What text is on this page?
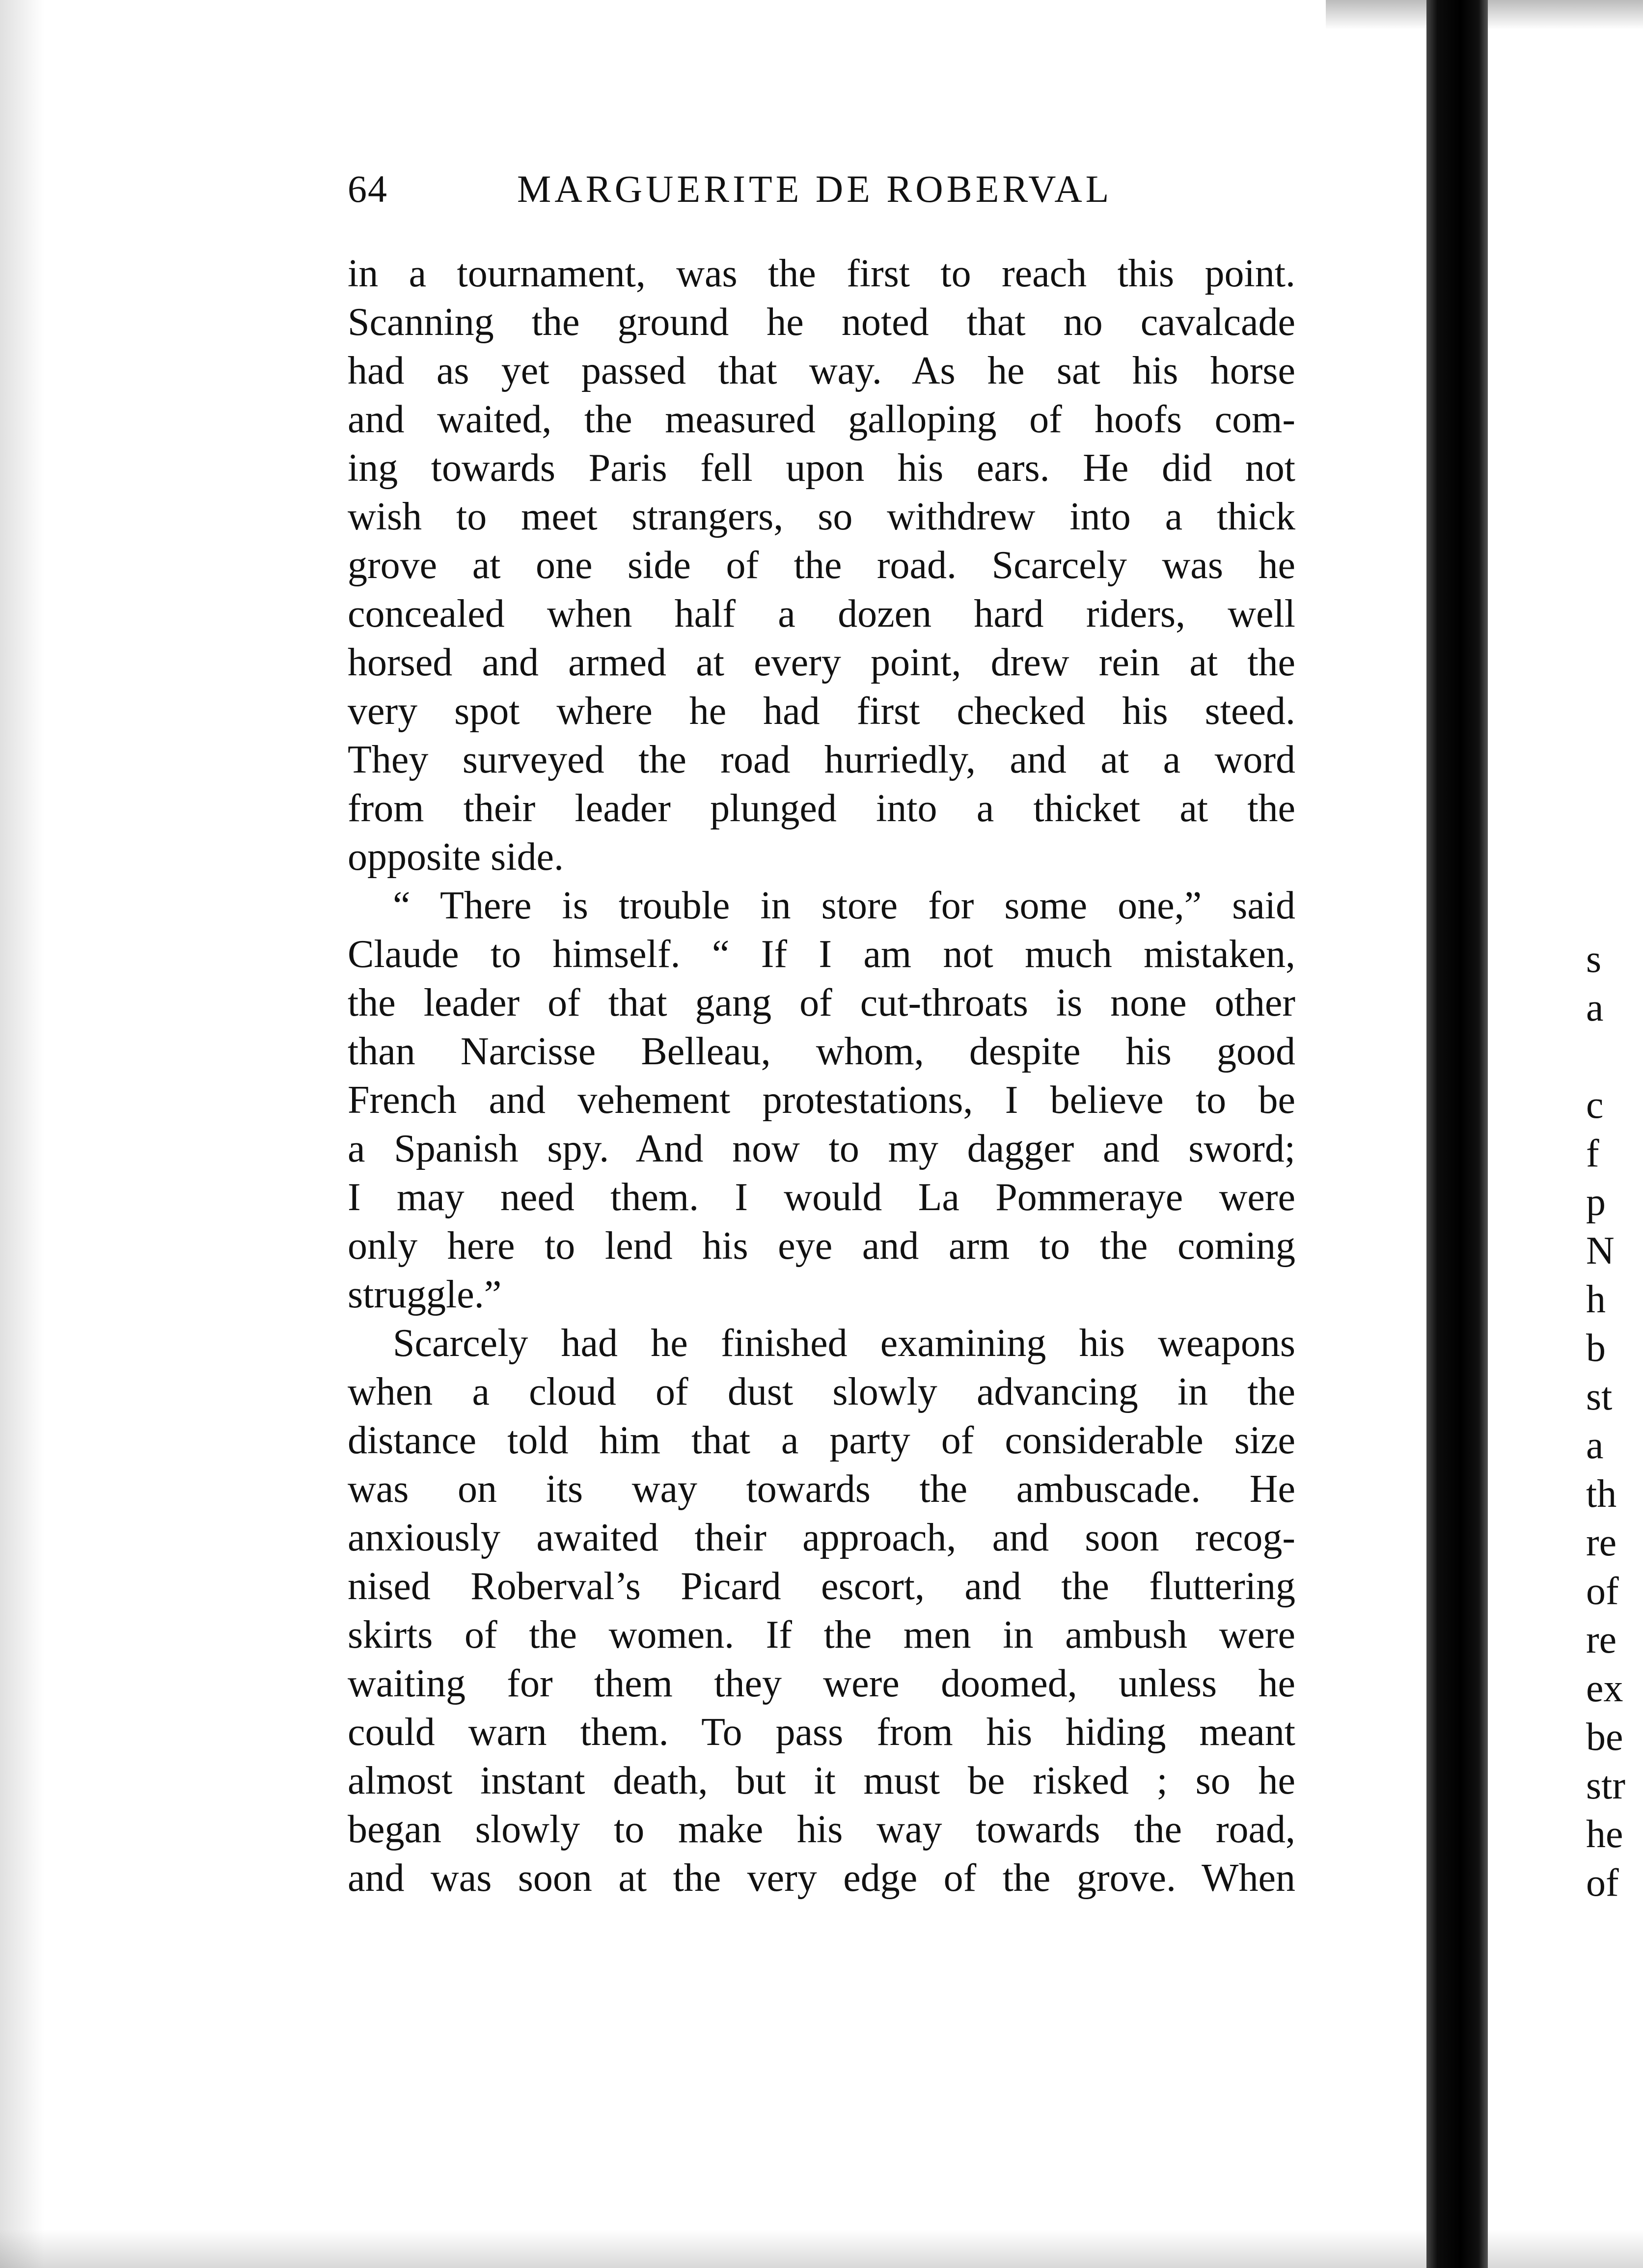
64	MARGUERITE DE ROBERVAL
in a tournament, was the first to reach this point.
Scanning the ground he noted that no cavalcade
had as yet passed that way. As he sat his horse
and waited, the measured galloping of hoofs com-
ing towards Paris fell upon his ears. He did not
wish to meet strangers, so withdrew into a thick
grove at one side of the road. Scarcely was he
concealed when half a dozen hard riders, well
horsed and armed at every point, drew rein at the
very spot where he had first checked his steed.
They surveyed the road hurriedly, and at a word
from their leader plunged into a thicket at the
opposite side.
“ There is trouble in store for some one,” said
Claude to himself. “ If I am not much mistaken,
the leader of that gang of cut-throats is none other
than Narcisse Belleau, whom, despite his good
French and vehement protestations, I believe to be
a Spanish spy. And now to my dagger and sword;
I may need them. I would La Pommeraye were
only here to lend his eye and arm to the coming
struggle.”
Scarcely had he finished examining his weapons
when a cloud of dust slowly advancing in the
distance told him that a party of considerable size
was on its way towards the ambuscade. He
anxiously awaited their approach, and soon recog-
nised Roberval’s Picard escort, and the fluttering
skirts of the women. If the men in ambush were
waiting for them they were doomed, unless he
could warn them. To pass from his hiding meant
almost instant death, but it must be risked ; so he
began slowly to make his way towards the road,
and was soon at the very edge of the grove. When
s
a
c
f
p
N
h
b
st
a
th
re
of
re
ex
be
str
he
of
